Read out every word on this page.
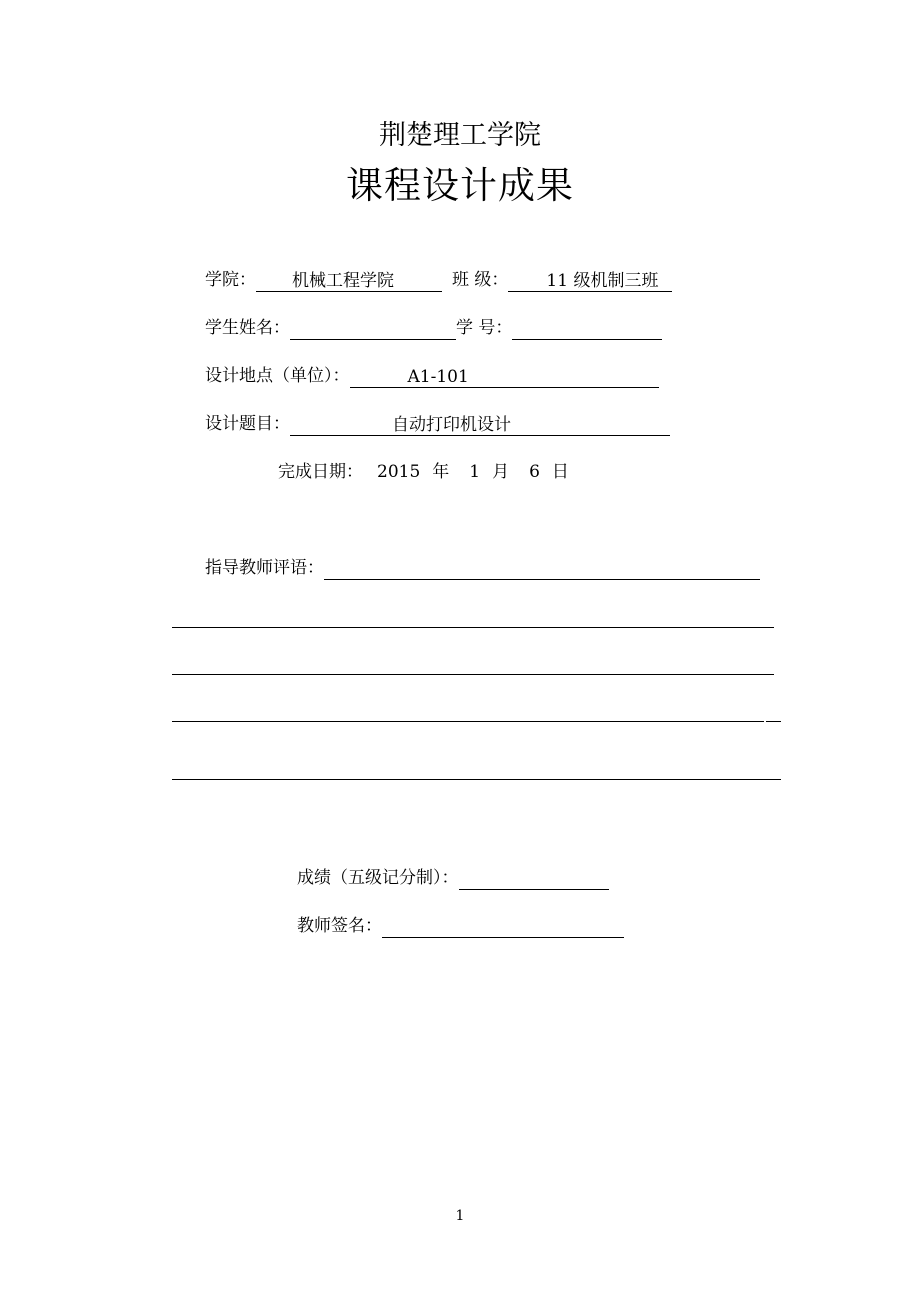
荆楚理工学院
课程设计成果
学院： 机械工程学院	班 级： 11 级机制三班
学生姓名：	学 号：
设计地点（单位）：	A1-101
设计题目：	自动打印机设计
完成日期： 2015 年 1 月 6 日
指导教师评语：
成绩（五级记分制）：
教师签名：
1
